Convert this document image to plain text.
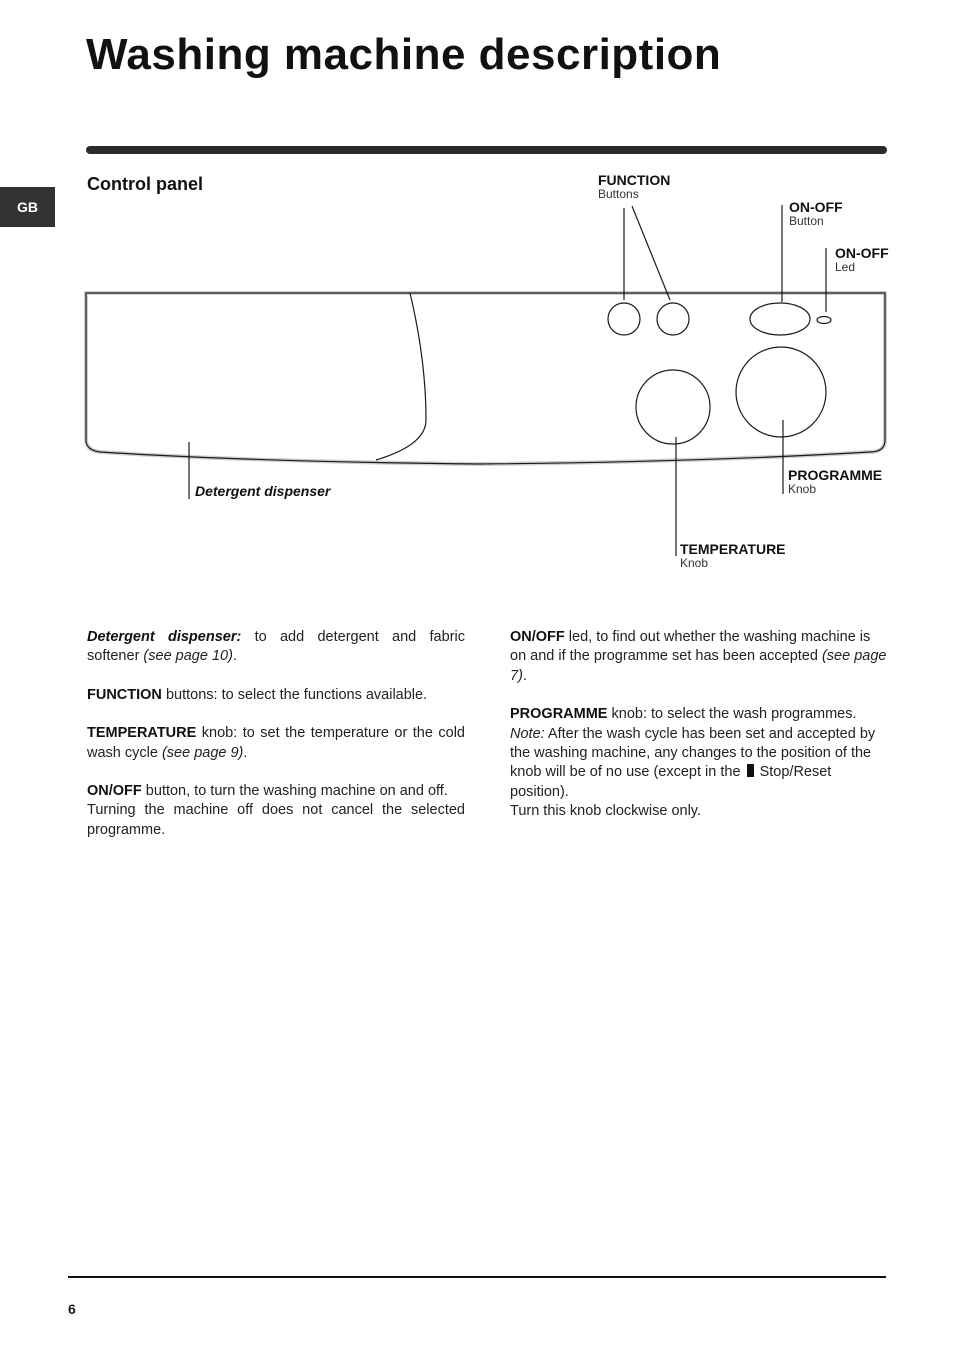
Washing machine description
GB
Control panel	FUNCTION
Buttons
ON-OFF
Button
ON-OFF
Led
PROGRAMME
Knob
TEMPERATURE
Knob
Detergent dispenser

Detergent dispenser: to add detergent and fabric softener (see page 10).

FUNCTION buttons: to select the functions available.

TEMPERATURE knob: to set the temperature or the cold wash cycle (see page 9).

ON/OFF button, to turn the washing machine on and off.
Turning the machine off does not cancel the selected programme.

ON/OFF led, to find out whether the washing machine is on and if the programme set has been accepted (see page 7).

PROGRAMME knob: to select the wash programmes.
Note: After the wash cycle has been set and accepted by the washing machine, any changes to the position of the knob will be of no use (except in the  Stop/Reset position).
Turn this knob clockwise only.

6
